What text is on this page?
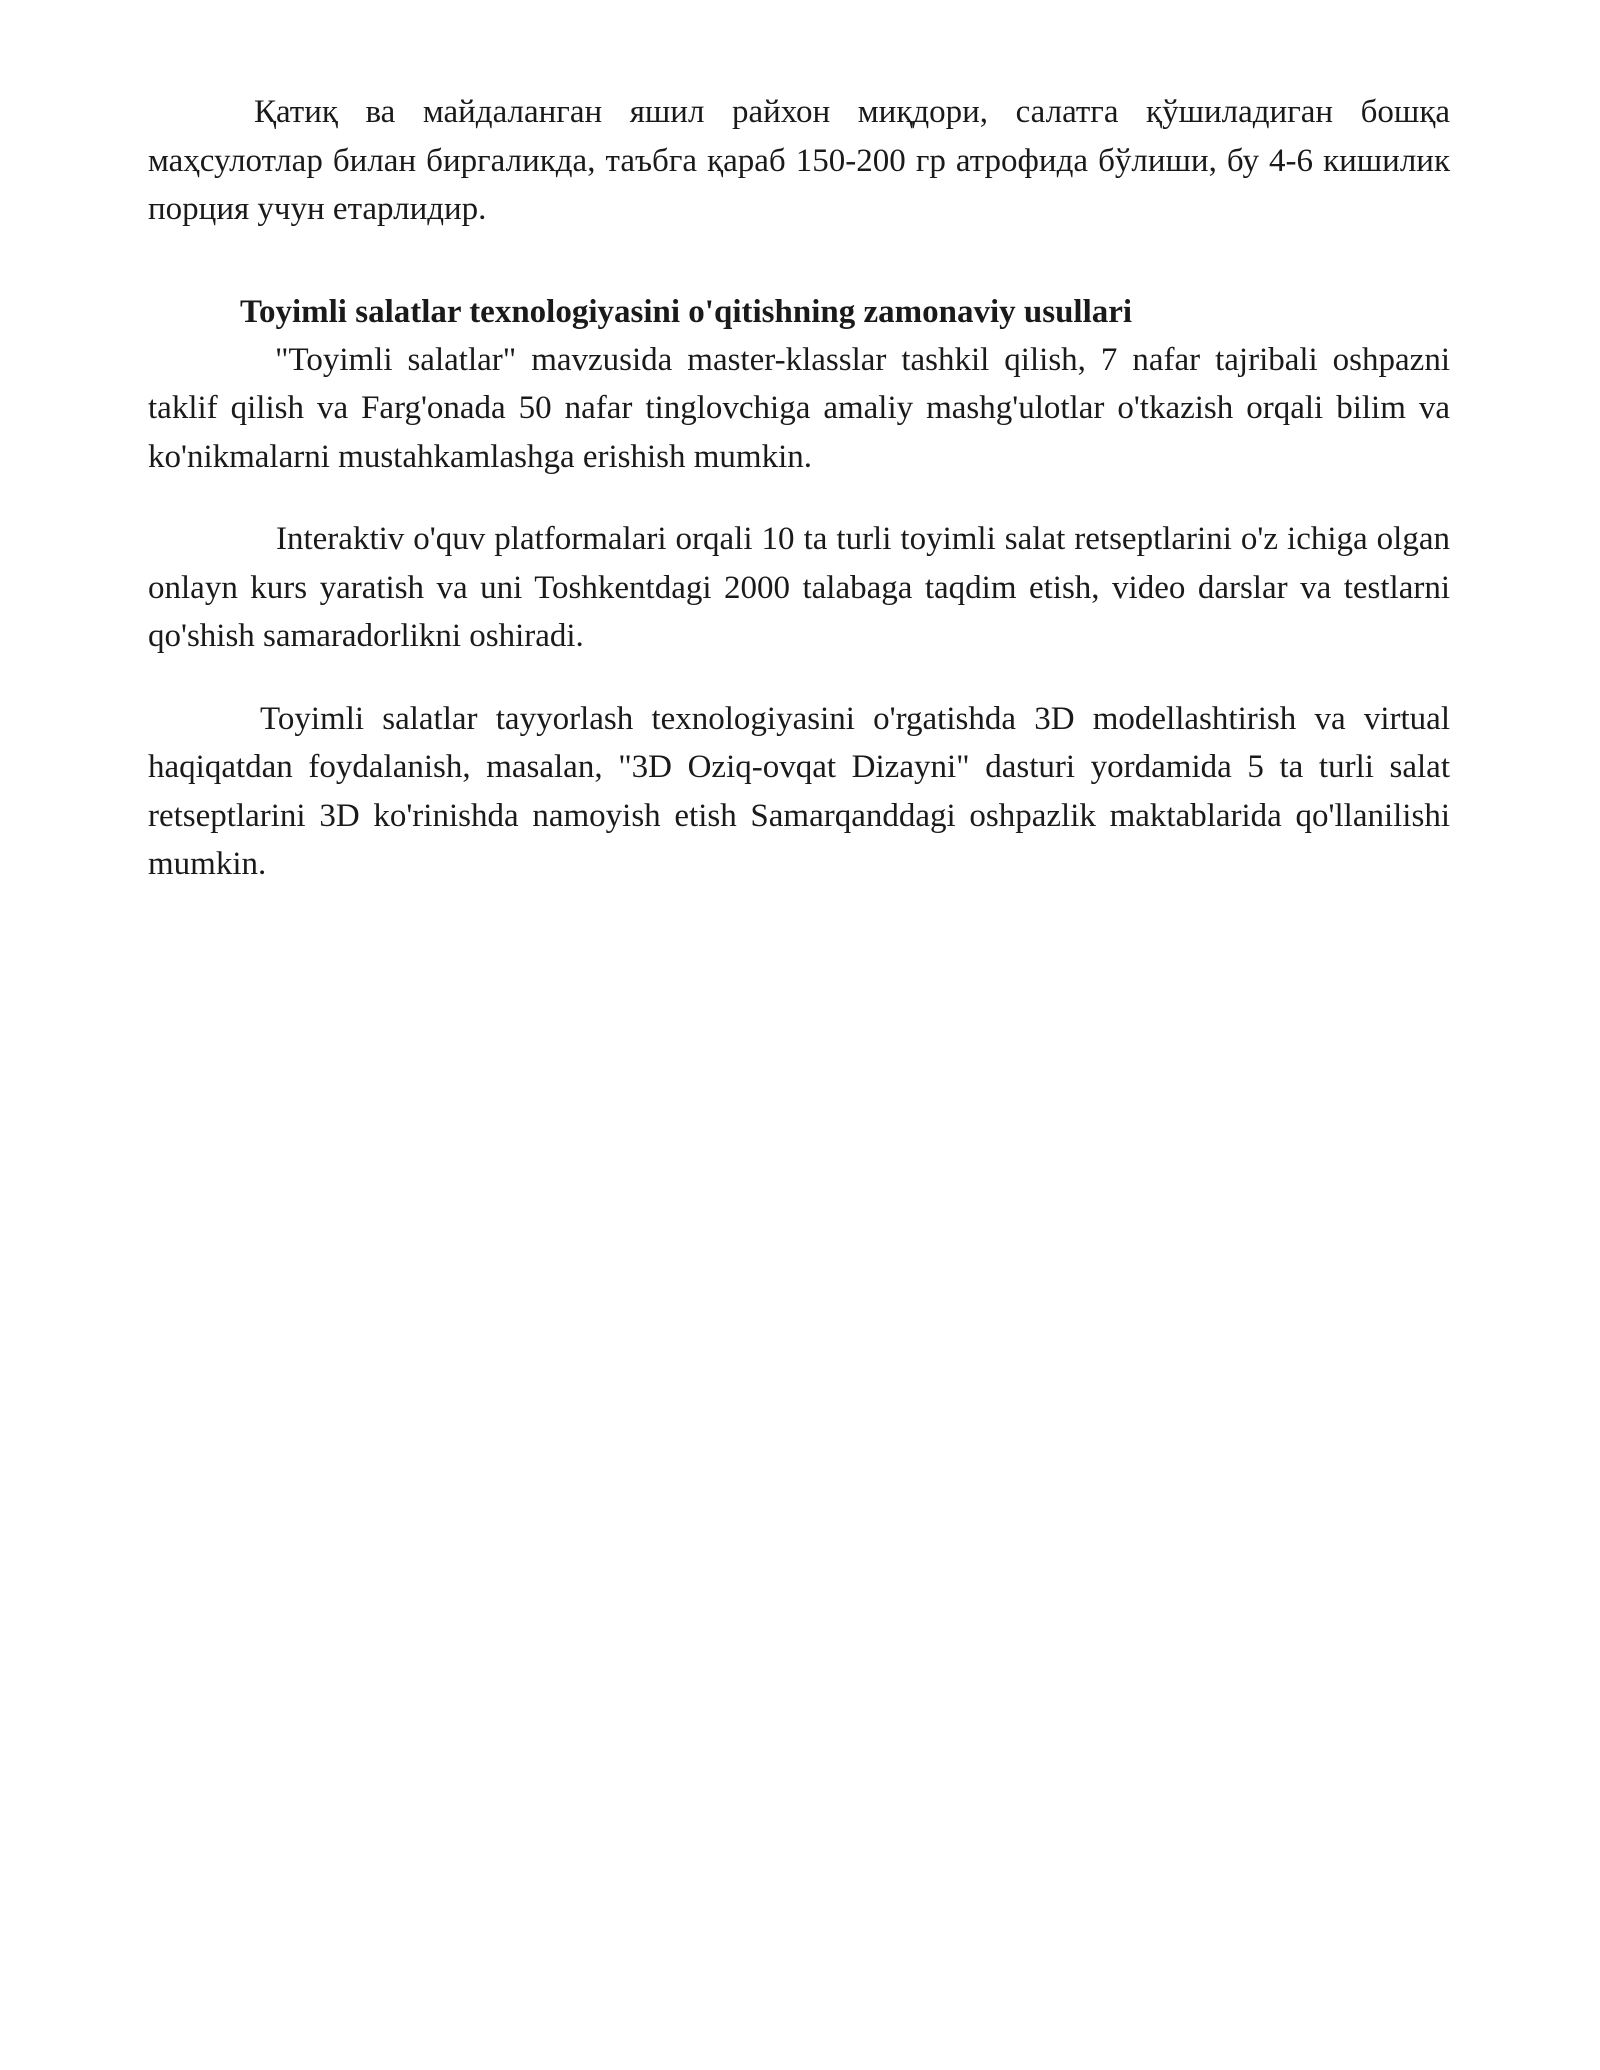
Қатиқ ва майдаланган яшил райхон миқдори, салатга қўшиладиган бошқа маҳсулотлар билан биргаликда, таъбга қараб 150-200 гр атрофида бўлиши, бу 4-6 кишилик порция учун етарлидир.

Toyimli salatlar texnologiyasini o'qitishning zamonaviy usullari

"Toyimli salatlar" mavzusida master-klasslar tashkil qilish, 7 nafar tajribali oshpazni taklif qilish va Farg'onada 50 nafar tinglovchiga amaliy mashg'ulotlar o'tkazish orqali bilim va ko'nikmalarni mustahkamlashga erishish mumkin.

Interaktiv o'quv platformalari orqali 10 ta turli toyimli salat retseptlarini o'z ichiga olgan onlayn kurs yaratish va uni Toshkentdagi 2000 talabaga taqdim etish, video darslar va testlarni qo'shish samaradorlikni oshiradi.

Toyimli salatlar tayyorlash texnologiyasini o'rgatishda 3D modellashtirish va virtual haqiqatdan foydalanish, masalan, "3D Oziq-ovqat Dizayni" dasturi yordamida 5 ta turli salat retseptlarini 3D ko'rinishda namoyish etish Samarqanddagi oshpazlik maktablarida qo'llanilishi mumkin.
